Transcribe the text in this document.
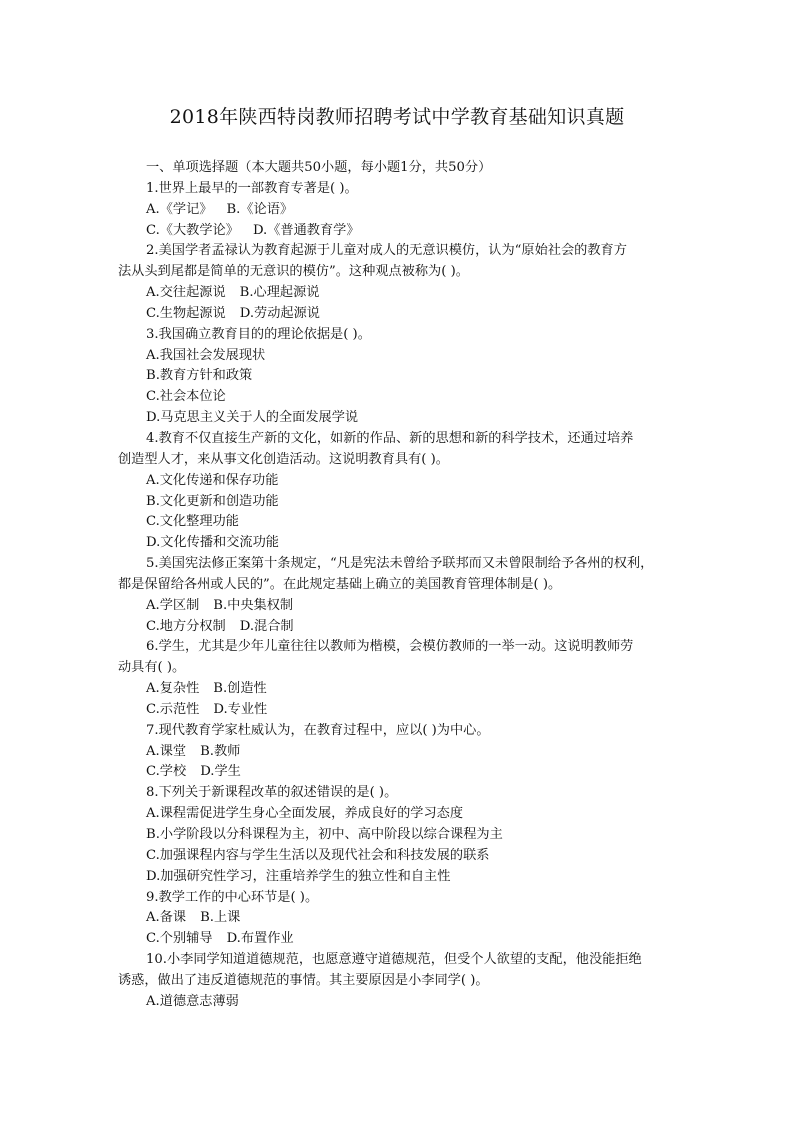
2018年陕西特岗教师招聘考试中学教育基础知识真题
一、单项选择题（本大题共50小题，每小题1分，共50分）
1.世界上最早的一部教育专著是( )。
A.《学记》 B.《论语》
C.《大教学论》 D.《普通教育学》
2.美国学者孟禄认为教育起源于儿童对成人的无意识模仿，认为“原始社会的教育方
法从头到尾都是简单的无意识的模仿”。这种观点被称为( )。
A.交往起源说 B.心理起源说
C.生物起源说 D.劳动起源说
3.我国确立教育目的的理论依据是( )。
A.我国社会发展现状
B.教育方针和政策
C.社会本位论
D.马克思主义关于人的全面发展学说
4.教育不仅直接生产新的文化，如新的作品、新的思想和新的科学技术，还通过培养
创造型人才，来从事文化创造活动。这说明教育具有( )。
A.文化传递和保存功能
B.文化更新和创造功能
C.文化整理功能
D.文化传播和交流功能
5.美国宪法修正案第十条规定，“凡是宪法未曾给予联邦而又未曾限制给予各州的权利，
都是保留给各州或人民的”。在此规定基础上确立的美国教育管理体制是( )。
A.学区制 B.中央集权制
C.地方分权制 D.混合制
6.学生，尤其是少年儿童往往以教师为楷模，会模仿教师的一举一动。这说明教师劳
动具有( )。
A.复杂性 B.创造性
C.示范性 D.专业性
7.现代教育学家杜威认为，在教育过程中，应以( )为中心。
A.课堂 B.教师
C.学校 D.学生
8.下列关于新课程改革的叙述错误的是( )。
A.课程需促进学生身心全面发展，养成良好的学习态度
B.小学阶段以分科课程为主，初中、高中阶段以综合课程为主
C.加强课程内容与学生生活以及现代社会和科技发展的联系
D.加强研究性学习，注重培养学生的独立性和自主性
9.教学工作的中心环节是( )。
A.备课 B.上课
C.个别辅导 D.布置作业
10.小李同学知道道德规范，也愿意遵守道德规范，但受个人欲望的支配，他没能拒绝
诱惑，做出了违反道德规范的事情。其主要原因是小李同学( )。
A.道德意志薄弱
